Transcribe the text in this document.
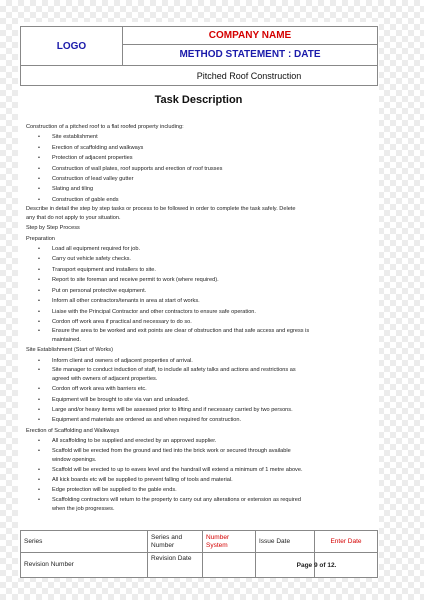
LOGO
COMPANY NAME
METHOD STATEMENT : DATE
Pitched Roof Construction
Task Description

Construction of a pitched roof to a flat roofed property including:

• Site establishment
• Erection of scaffolding and walkways
• Protection of adjacent properties
• Construction of wall plates, roof supports and erection of roof trusses
• Construction of lead valley gutter
• Slating and tiling
• Construction of gable ends

Describe in detail the step by step tasks or process to be followed in order to complete the task safely. Delete
any that do not apply to your situation.

Step by Step Process

Preparation

• Load all equipment required for job.
• Carry out vehicle safety checks.
• Transport equipment and installers to site.
• Report to site foreman and receive permit to work (where required).
• Put on personal protective equipment.
• Inform all other contractors/tenants in area at start of works.
• Liaise with the Principal Contractor and other contractors to ensure safe operation.
• Cordon off work area if practical and necessary to do so.
• Ensure the area to be worked and exit points are clear of obstruction and that safe access and egress is
maintained.

Site Establishment (Start of Works)

• Inform client and owners of adjacent properties of arrival.
• Site manager to conduct induction of staff, to include all safety talks and actions and restrictions as
agreed with owners of adjacent properties.
• Cordon off work area with barriers etc.
• Equipment will be brought to site via van and unloaded.
• Large and/or heavy items will be assessed prior to lifting and if necessary carried by two persons.
• Equipment and materials are ordered as and when required for construction.

Erection of Scaffolding and Walkways

• All scaffolding to be supplied and erected by an approved supplier.
• Scaffold will be erected from the ground and tied into the brick work or secured through available
window openings.
• Scaffold will be erected to up to eaves level and the handrail will extend a minimum of 1 metre above.
• All kick boards etc will be supplied to prevent falling of tools and material.
• Edge protection will be supplied to the gable ends.
• Scaffolding contractors will return to the property to carry out any alterations or extension as required
when the job progresses.
Series
Series and Number
Number System	Issue Date	Enter Date
Revision Number
Revision Date
Page 9 of 12.
